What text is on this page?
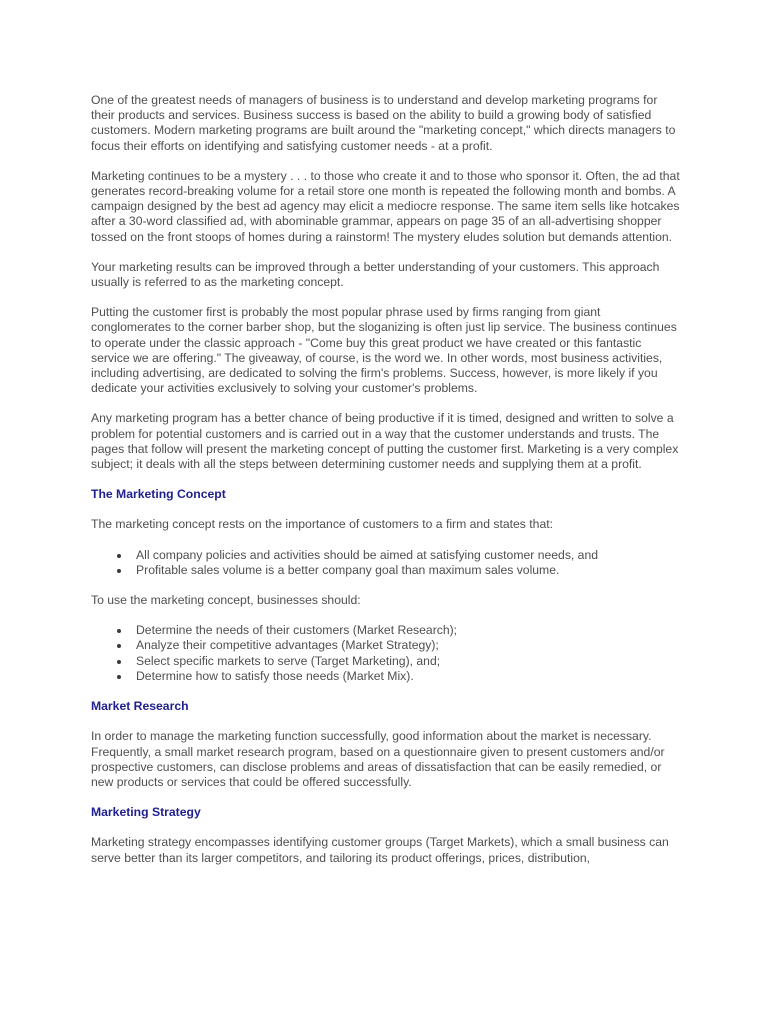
One of the greatest needs of managers of business is to understand and develop marketing programs for their products and services. Business success is based on the ability to build a growing body of satisfied customers. Modern marketing programs are built around the "marketing concept," which directs managers to focus their efforts on identifying and satisfying customer needs - at a profit.

Marketing continues to be a mystery . . . to those who create it and to those who sponsor it. Often, the ad that generates record-breaking volume for a retail store one month is repeated the following month and bombs. A campaign designed by the best ad agency may elicit a mediocre response. The same item sells like hotcakes after a 30-word classified ad, with abominable grammar, appears on page 35 of an all-advertising shopper tossed on the front stoops of homes during a rainstorm! The mystery eludes solution but demands attention.

Your marketing results can be improved through a better understanding of your customers. This approach usually is referred to as the marketing concept.

Putting the customer first is probably the most popular phrase used by firms ranging from giant conglomerates to the corner barber shop, but the sloganizing is often just lip service. The business continues to operate under the classic approach - "Come buy this great product we have created or this fantastic service we are offering." The giveaway, of course, is the word we. In other words, most business activities, including advertising, are dedicated to solving the firm's problems. Success, however, is more likely if you dedicate your activities exclusively to solving your customer's problems.

Any marketing program has a better chance of being productive if it is timed, designed and written to solve a problem for potential customers and is carried out in a way that the customer understands and trusts. The pages that follow will present the marketing concept of putting the customer first. Marketing is a very complex subject; it deals with all the steps between determining customer needs and supplying them at a profit.

The Marketing Concept

The marketing concept rests on the importance of customers to a firm and states that:

All company policies and activities should be aimed at satisfying customer needs, and
Profitable sales volume is a better company goal than maximum sales volume.

To use the marketing concept, businesses should:

Determine the needs of their customers (Market Research);
Analyze their competitive advantages (Market Strategy);
Select specific markets to serve (Target Marketing), and;
Determine how to satisfy those needs (Market Mix).
Market Research

In order to manage the marketing function successfully, good information about the market is necessary. Frequently, a small market research program, based on a questionnaire given to present customers and/or prospective customers, can disclose problems and areas of dissatisfaction that can be easily remedied, or new products or services that could be offered successfully.

Marketing Strategy

Marketing strategy encompasses identifying customer groups (Target Markets), which a small business can serve better than its larger competitors, and tailoring its product offerings, prices, distribution,
